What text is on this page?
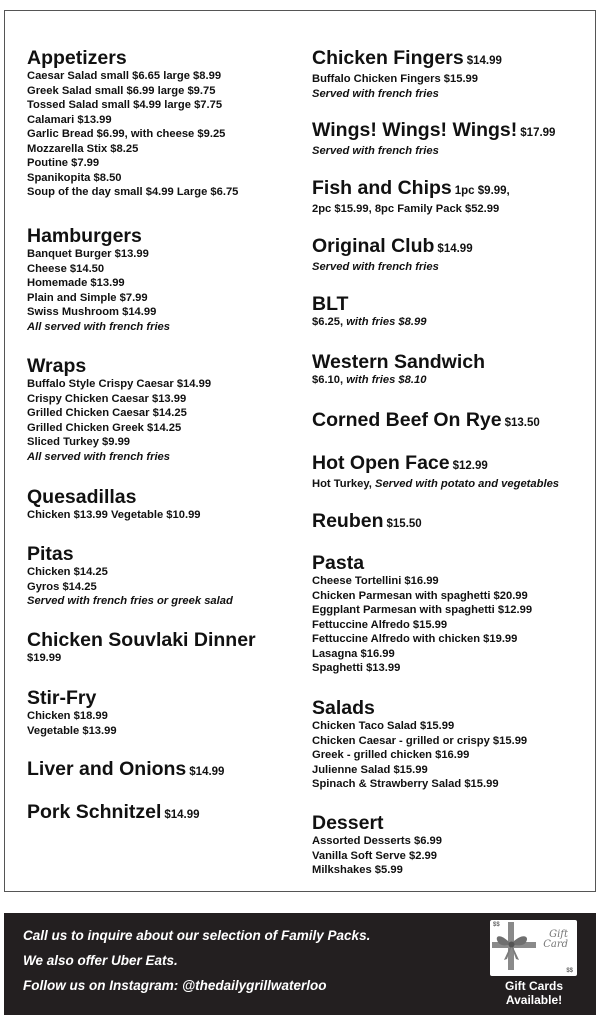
Appetizers
Caesar Salad small $6.65 large $8.99
Greek Salad small $6.99 large $9.75
Tossed Salad small $4.99 large $7.75
Calamari $13.99
Garlic Bread $6.99, with cheese $9.25
Mozzarella Stix $8.25
Poutine $7.99
Spanikopita $8.50
Soup of the day small $4.99 Large $6.75
Hamburgers
Banquet Burger $13.99
Cheese $14.50
Homemade $13.99
Plain and Simple $7.99
Swiss Mushroom $14.99
All served with french fries
Wraps
Buffalo Style Crispy Caesar $14.99
Crispy Chicken Caesar $13.99
Grilled Chicken Caesar $14.25
Grilled Chicken Greek $14.25
Sliced Turkey $9.99
All served with french fries
Quesadillas
Chicken $13.99 Vegetable $10.99
Pitas
Chicken $14.25
Gyros $14.25
Served with french fries or greek salad
Chicken Souvlaki Dinner
$19.99
Stir-Fry
Chicken $18.99
Vegetable $13.99
Liver and Onions $14.99
Pork Schnitzel $14.99
Chicken Fingers $14.99
Buffalo Chicken Fingers $15.99
Served with french fries
Wings! Wings! Wings! $17.99
Served with french fries
Fish and Chips 1pc $9.99,
2pc $15.99, 8pc Family Pack $52.99
Original Club $14.99
Served with french fries
BLT
$6.25, with fries $8.99
Western Sandwich
$6.10, with fries $8.10
Corned Beef On Rye $13.50
Hot Open Face $12.99
Hot Turkey, Served with potato and vegetables
Reuben $15.50
Pasta
Cheese Tortellini $16.99
Chicken Parmesan with spaghetti $20.99
Eggplant Parmesan with spaghetti $12.99
Fettuccine Alfredo $15.99
Fettuccine Alfredo with chicken $19.99
Lasagna $16.99
Spaghetti $13.99
Salads
Chicken Taco Salad $15.99
Chicken Caesar - grilled or crispy $15.99
Greek - grilled chicken $16.99
Julienne Salad $15.99
Spinach & Strawberry Salad $15.99
Dessert
Assorted Desserts $6.99
Vanilla Soft Serve $2.99
Milkshakes $5.99
Call us to inquire about our selection of Family Packs.
We also offer Uber Eats.
Follow us on Instagram: @thedailygrillwaterloo
$$
Gift
Card
$$
Gift Cards
Available!
